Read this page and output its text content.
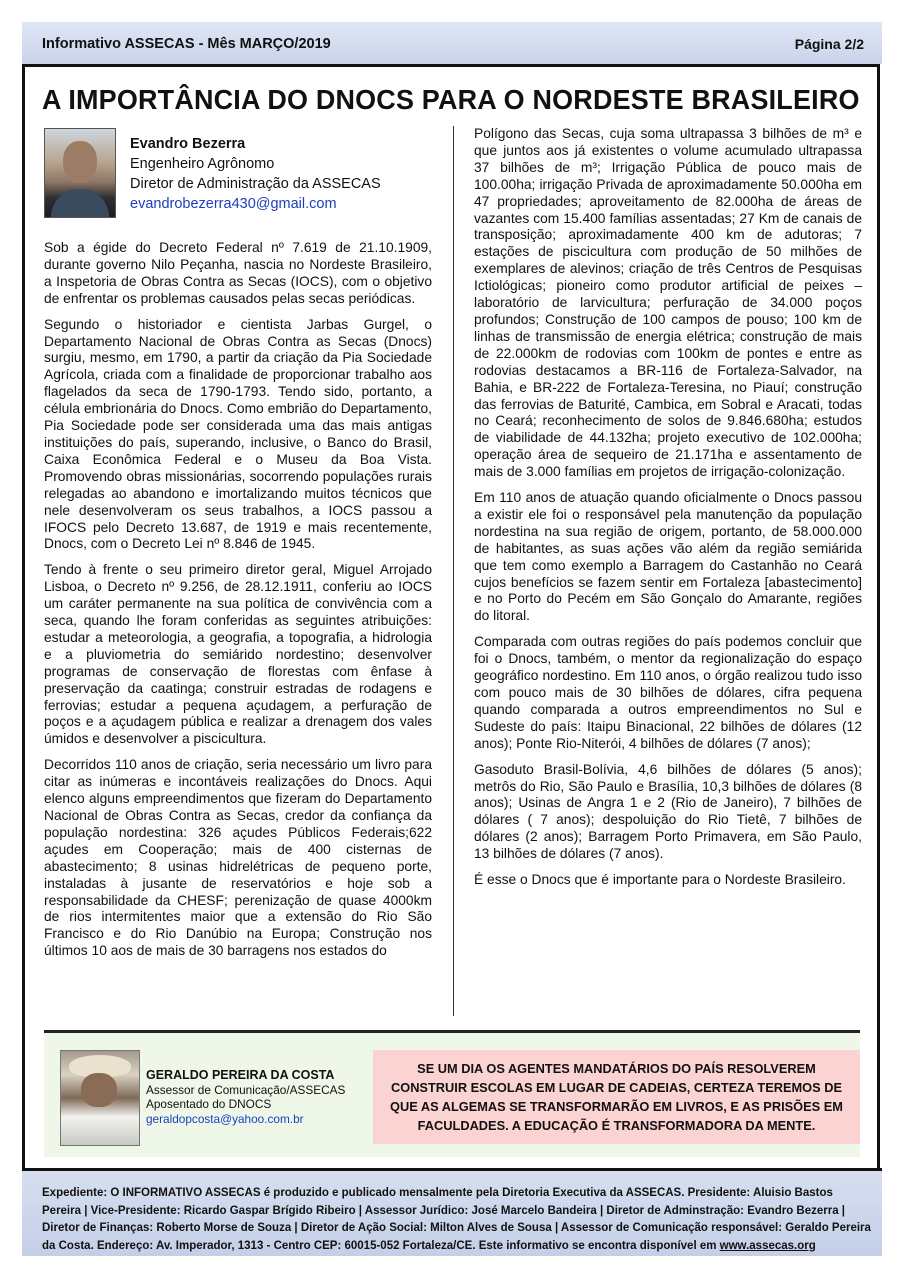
Informativo ASSECAS - Mês MARÇO/2019	Página 2/2
A IMPORTÂNCIA DO DNOCS PARA O NORDESTE BRASILEIRO
Evandro Bezerra
Engenheiro Agrônomo
Diretor de Administração da ASSECAS
evandrobezerra430@gmail.com

Sob a égide do Decreto Federal nº 7.619 de 21.10.1909, durante governo Nilo Peçanha, nascia no Nordeste Brasileiro, a Inspetoria de Obras Contra as Secas (IOCS), com o objetivo de enfrentar os problemas causados pelas secas periódicas.

Segundo o historiador e cientista Jarbas Gurgel, o Departamento Nacional de Obras Contra as Secas (Dnocs) surgiu, mesmo, em 1790, a partir da criação da Pia Sociedade Agrícola, criada com a finalidade de proporcionar trabalho aos flagelados da seca de 1790-1793. Tendo sido, portanto, a célula embrionária do Dnocs. Como embrião do Departamento, Pia Sociedade pode ser considerada uma das mais antigas instituições do país, superando, inclusive, o Banco do Brasil, Caixa Econômica Federal e o Museu da Boa Vista. Promovendo obras missionárias, socorrendo populações rurais relegadas ao abandono e imortalizando muitos técnicos que nele desenvolveram os seus trabalhos, a IOCS passou a IFOCS pelo Decreto 13.687, de 1919 e mais recentemente, Dnocs, com o Decreto Lei nº 8.846 de 1945.

Tendo à frente o seu primeiro diretor geral, Miguel Arrojado Lisboa, o Decreto nº 9.256, de 28.12.1911, conferiu ao IOCS um caráter permanente na sua política de convivência com a seca, quando lhe foram conferidas as seguintes atribuições: estudar a meteorologia, a geografia, a topografia, a hidrologia e a pluviometria do semiárido nordestino; desenvolver programas de conservação de florestas com ênfase à preservação da caatinga; construir estradas de rodagens e ferrovias; estudar a pequena açudagem, a perfuração de poços e a açudagem pública e realizar a drenagem dos vales úmidos e desenvolver a piscicultura.

Decorridos 110 anos de criação, seria necessário um livro para citar as inúmeras e incontáveis realizações do Dnocs. Aqui elenco alguns empreendimentos que fizeram do Departamento Nacional de Obras Contra as Secas, credor da confiança da população nordestina: 326 açudes Públicos Federais;622 açudes em Cooperação; mais de 400 cisternas de abastecimento; 8 usinas hidrelétricas de pequeno porte, instaladas à jusante de reservatórios e hoje sob a responsabilidade da CHESF; perenização de quase 4000km de rios intermitentes maior que a extensão do Rio São Francisco e do Rio Danúbio na Europa; Construção nos últimos 10 aos de mais de 30 barragens nos estados do

Polígono das Secas, cuja soma ultrapassa 3 bilhões de m³ e que juntos aos já existentes o volume acumulado ultrapassa 37 bilhões de m³; Irrigação Pública de pouco mais de 100.00ha; irrigação Privada de aproximadamente 50.000ha em 47 propriedades; aproveitamento de 82.000ha de áreas de vazantes com 15.400 famílias assentadas; 27 Km de canais de transposição; aproximadamente 400 km de adutoras; 7 estações de piscicultura com produção de 50 milhões de exemplares de alevinos; criação de três Centros de Pesquisas Ictiológicas; pioneiro como produtor artificial de peixes – laboratório de larvicultura; perfuração de 34.000 poços profundos; Construção de 100 campos de pouso; 100 km de linhas de transmissão de energia elétrica; construção de mais de 22.000km de rodovias com 100km de pontes e entre as rodovias destacamos a BR-116 de Fortaleza-Salvador, na Bahia, e BR-222 de Fortaleza-Teresina, no Piauí; construção das ferrovias de Baturité, Cambica, em Sobral e Aracati, todas no Ceará; reconhecimento de solos de 9.846.680ha; estudos de viabilidade de 44.132ha; projeto executivo de 102.000ha; operação área de sequeiro de 21.171ha e assentamento de mais de 3.000 famílias em projetos de irrigação-colonização.

Em 110 anos de atuação quando oficialmente o Dnocs passou a existir ele foi o responsável pela manutenção da população nordestina na sua região de origem, portanto, de 58.000.000 de habitantes, as suas ações vão além da região semiárida que tem como exemplo a Barragem do Castanhão no Ceará cujos benefícios se fazem sentir em Fortaleza [abastecimento] e no Porto do Pecém em São Gonçalo do Amarante, regiões do litoral.

Comparada com outras regiões do país podemos concluir que foi o Dnocs, também, o mentor da regionalização do espaço geográfico nordestino. Em 110 anos, o órgão realizou tudo isso com pouco mais de 30 bilhões de dólares, cifra pequena quando comparada a outros empreendimentos no Sul e Sudeste do país: Itaipu Binacional, 22 bilhões de dólares (12 anos); Ponte Rio-Niterói, 4 bilhões de dólares (7 anos);

Gasoduto Brasil-Bolívia, 4,6 bilhões de dólares (5 anos); metrôs do Rio, São Paulo e Brasília, 10,3 bilhões de dólares (8 anos); Usinas de Angra 1 e 2 (Rio de Janeiro), 7 bilhões de dólares ( 7 anos); despoluição do Rio Tietê, 7 bilhões de dólares (2 anos); Barragem Porto Primavera, em São Paulo, 13 bilhões de dólares (7 anos).

É esse o Dnocs que é importante para o Nordeste Brasileiro.

GERALDO PEREIRA DA COSTA
Assessor de Comunicação/ASSECAS
Aposentado do DNOCS
geraldopcosta@yahoo.com.br
SE UM DIA OS AGENTES MANDATÁRIOS DO PAÍS RESOLVEREM CONSTRUIR ESCOLAS EM LUGAR DE CADEIAS, CERTEZA TEREMOS DE QUE AS ALGEMAS SE TRANSFORMARÃO EM LIVROS, E AS PRISÕES EM FACULDADES. A EDUCAÇÃO É TRANSFORMADORA DA MENTE.
Expediente: O INFORMATIVO ASSECAS é produzido e publicado mensalmente pela Diretoria Executiva da ASSECAS. Presidente: Aluisio Bastos Pereira | Vice-Presidente: Ricardo Gaspar Brígido Ribeiro | Assessor Jurídico: José Marcelo Bandeira | Diretor de Adminstração: Evandro Bezerra | Diretor de Finanças: Roberto Morse de Souza | Diretor de Ação Social: Milton Alves de Sousa | Assessor de Comunicação responsável: Geraldo Pereira da Costa. Endereço: Av. Imperador, 1313 - Centro CEP: 60015-052 Fortaleza/CE. Este informativo se encontra disponível em www.assecas.org
